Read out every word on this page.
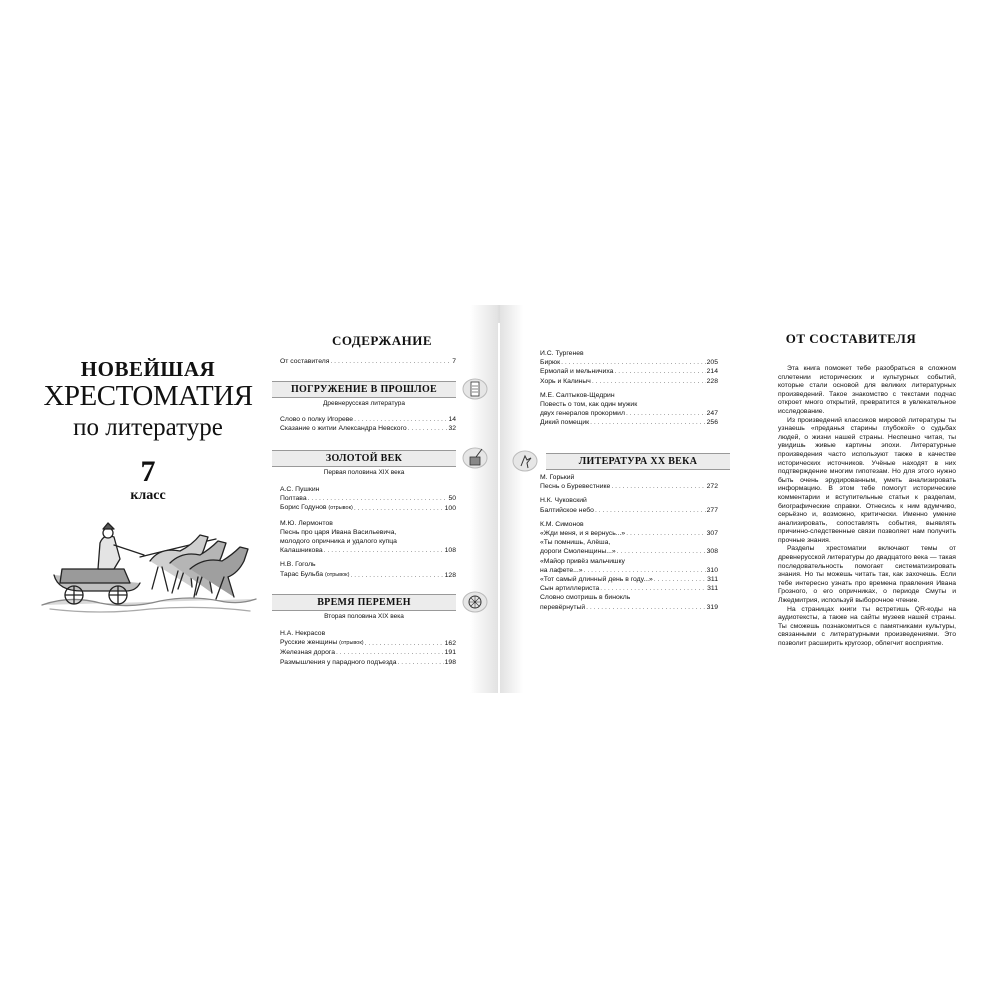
НОВЕЙШАЯ
ХРЕСТОМАТИЯ
по литературе
7
класс
СОДЕРЖАНИЕ
От составителя . . .	7
ПОГРУЖЕНИЕ В ПРОШЛОЕ
Древнерусская литература
Слово о полку Игореве . . .	14
Сказание о житии Александра Невского . . .	32
ЗОЛОТОЙ ВЕК
Первая половина XIX века
А.С. Пушкин
Полтава . . .	50
Борис Годунов (отрывок) . . .	100
М.Ю. Лермонтов
Песнь про царя Ивана Васильевича,
молодого опричника и удалого купца
Калашникова . . .	108
Н.В. Гоголь
Тарас Бульба (отрывок) . . .	128
ВРЕМЯ ПЕРЕМЕН
Вторая половина XIX века
Н.А. Некрасов
Русские женщины (отрывок) . . .	162
Железная дорога . . .	191
Размышления у парадного подъезда . . .	198
И.С. Тургенев
Бирюк . . .	205
Ермолай и мельничиха . . .	214
Хорь и Калиныч . . .	228
М.Е. Салтыков-Щедрин
Повесть о том, как один мужик
двух генералов прокормил . . .	247
Дикий помещик . . .	256
ЛИТЕРАТУРА XX ВЕКА
М. Горький
Песнь о Буревестнике . . .	272
Н.К. Чуковский
Балтийское небо . . .	277
К.М. Симонов
«Жди меня, и я вернусь...» . . .	307
«Ты помнишь, Алёша,
дороги Смоленщины...» . . .	308
«Майор привёз мальчишку
на лафете...» . . .	310
«Тот самый длинный день в году...» . . .	311
Сын артиллериста . . .	311
Словно смотришь в бинокль
перевёрнутый . . .	319
ОТ СОСТАВИТЕЛЯ

Эта книга поможет тебе разобраться в сложном сплетении исторических и культурных событий, которые стали основой для великих литературных произведений. Такое знакомство с текстами подчас откроет много открытий, превратится в увлекательное исследование.

Из произведений классиков мировой литературы ты узнаешь «преданья старины глубокой» о судьбах людей, о жизни нашей страны. Неспешно читая, ты увидишь живые картины эпохи. Литературные произведения часто используют также в качестве исторических источников. Учёные находят в них подтверждение многим гипотезам. Но для этого нужно быть очень эрудированным, уметь анализировать информацию. В этом тебе помогут исторические комментарии и вступительные статьи к разделам, биографические справки. Отнесись к ним вдумчиво, серьёзно и, возможно, критически. Именно умение анализировать, сопоставлять события, выявлять причинно-следственные связи позволяет нам получить прочные знания.

Разделы хрестоматии включают темы от древнерусской литературы до двадцатого века — такая последовательность помогает систематизировать знания. Но ты можешь читать так, как захочешь. Если тебе интересно узнать про времена правления Ивана Грозного, о его опричниках, о периоде Смуты и Лжедмитрия, используй выборочное чтение.

На страницах книги ты встретишь QR-коды на аудиотексты, а также на сайты музеев нашей страны. Ты сможешь познакомиться с памятниками культуры, связанными с литературными произведениями. Это позволит расширить кругозор, облегчит восприятие.
